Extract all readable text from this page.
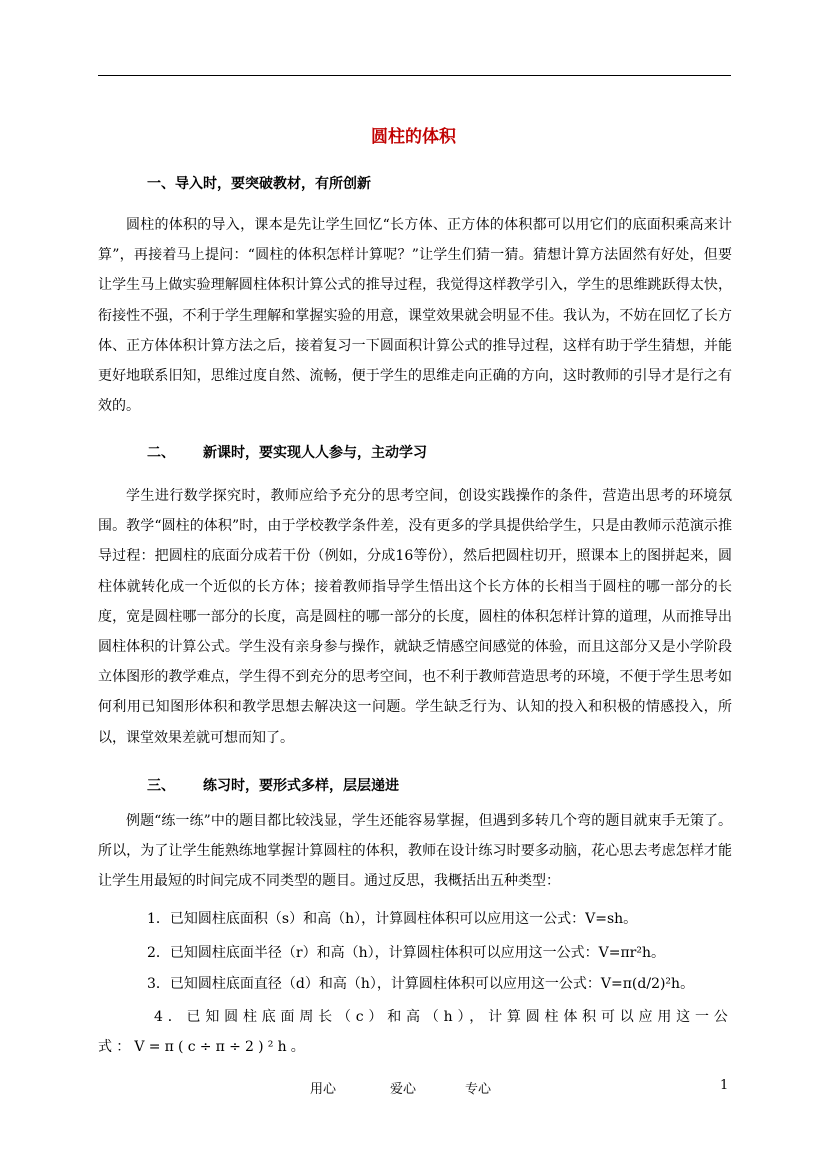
圆柱的体积
一、导入时，要突破教材，有所创新

圆柱的体积的导入，课本是先让学生回忆“长方体、正方体的体积都可以用它们的底面积乘高来计算”，再接着马上提问：“圆柱的体积怎样计算呢？”让学生们猜一猜。猜想计算方法固然有好处，但要让学生马上做实验理解圆柱体积计算公式的推导过程，我觉得这样教学引入，学生的思维跳跃得太快，衔接性不强，不利于学生理解和掌握实验的用意，课堂效果就会明显不佳。我认为，不妨在回忆了长方体、正方体体积计算方法之后，接着复习一下圆面积计算公式的推导过程，这样有助于学生猜想，并能更好地联系旧知，思维过度自然、流畅，便于学生的思维走向正确的方向，这时教师的引导才是行之有效的。

二、 新课时，要实现人人参与，主动学习

学生进行数学探究时，教师应给予充分的思考空间，创设实践操作的条件，营造出思考的环境氛围。教学“圆柱的体积”时，由于学校教学条件差，没有更多的学具提供给学生，只是由教师示范演示推导过程：把圆柱的底面分成若干份（例如，分成16等份），然后把圆柱切开，照课本上的图拼起来，圆柱体就转化成一个近似的长方体；接着教师指导学生悟出这个长方体的长相当于圆柱的哪一部分的长度，宽是圆柱哪一部分的长度，高是圆柱的哪一部分的长度，圆柱的体积怎样计算的道理，从而推导出圆柱体积的计算公式。学生没有亲身参与操作，就缺乏情感空间感觉的体验，而且这部分又是小学阶段立体图形的教学难点，学生得不到充分的思考空间，也不利于教师营造思考的环境，不便于学生思考如何利用已知图形体积和教学思想去解决这一问题。学生缺乏行为、认知的投入和积极的情感投入，所以，课堂效果差就可想而知了。

三、 练习时，要形式多样，层层递进

例题“练一练”中的题目都比较浅显，学生还能容易掌握，但遇到多转几个弯的题目就束手无策了。所以，为了让学生能熟练地掌握计算圆柱的体积，教师在设计练习时要多动脑，花心思去考虑怎样才能让学生用最短的时间完成不同类型的题目。通过反思，我概括出五种类型：

1．已知圆柱底面积（s）和高（h），计算圆柱体积可以应用这一公式：V=sh。
2．已知圆柱底面半径（r）和高（h），计算圆柱体积可以应用这一公式：V=πr²h。
3．已知圆柱底面直径（d）和高（h），计算圆柱体积可以应用这一公式：V=π(d/2)²h。

4．已知圆柱底面周长（c）和高（h），计算圆柱体积可以应用这一公式：V=π(c÷π÷2)²h。

用心	爱心	专心	1
